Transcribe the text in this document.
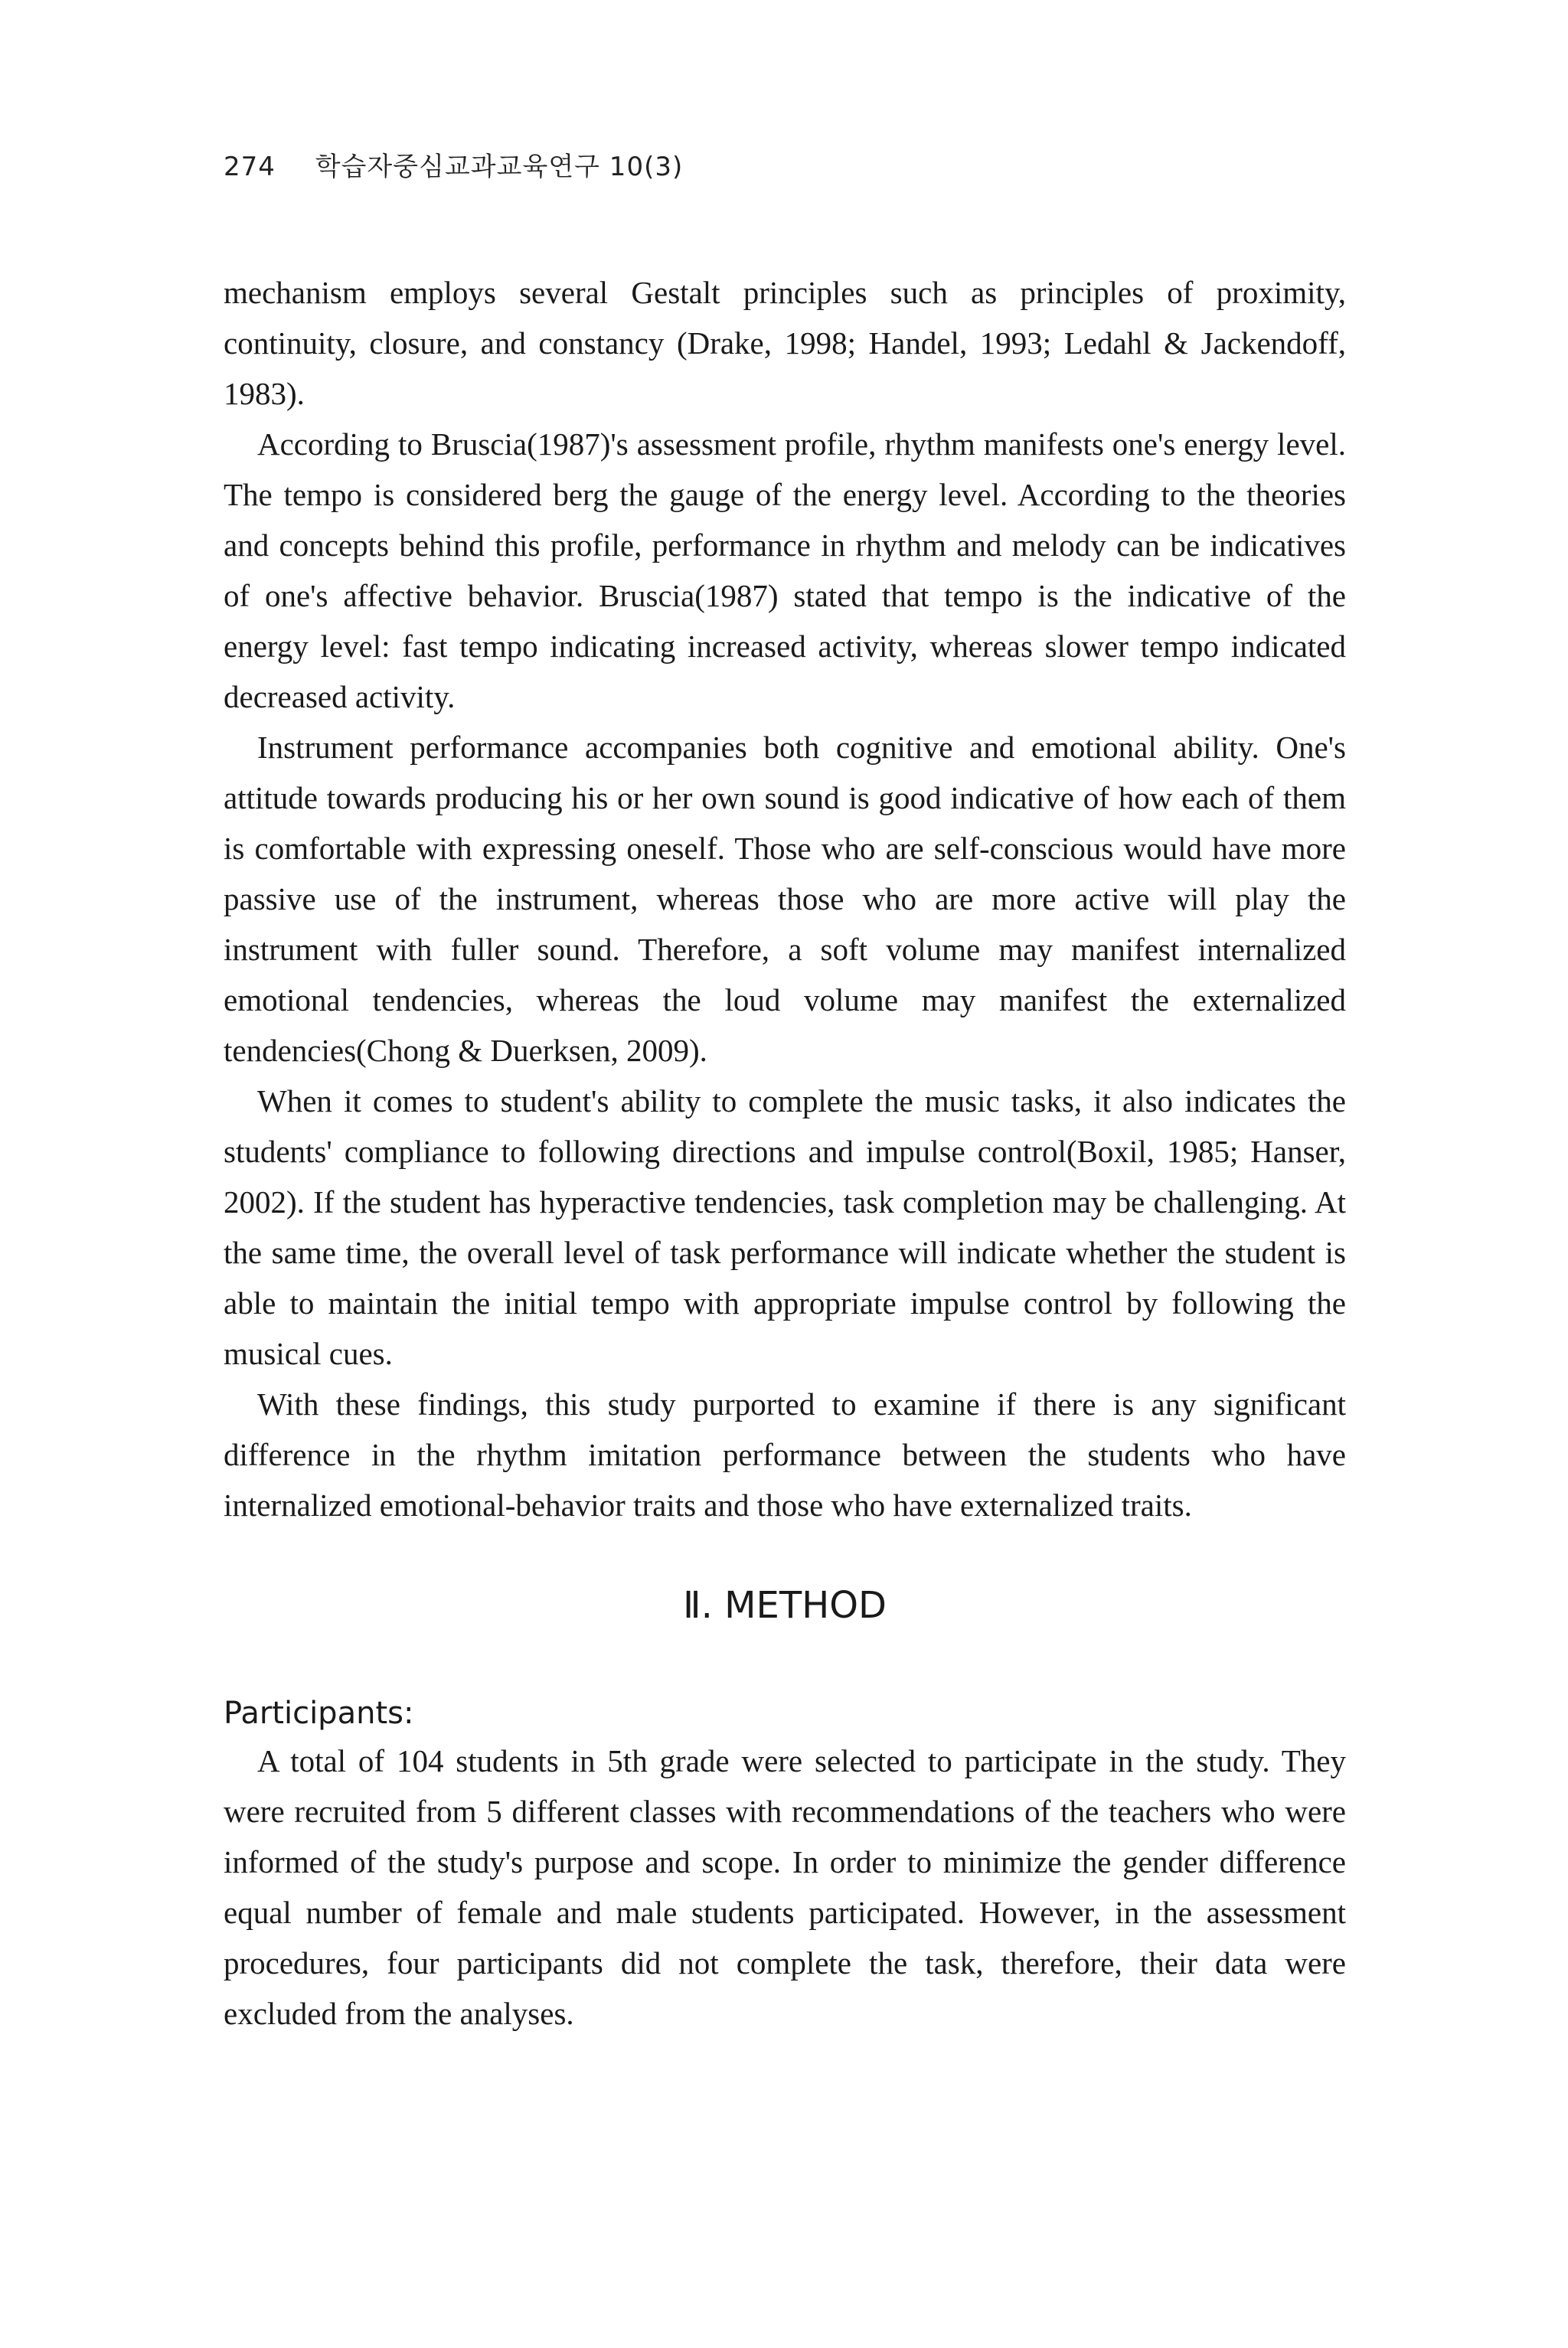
274 학습자중심교과교육연구 10(3)

mechanism employs several Gestalt principles such as principles of proximity, continuity, closure, and constancy (Drake, 1998; Handel, 1993; Ledahl & Jackendoff, 1983).

According to Bruscia(1987)'s assessment profile, rhythm manifests one's energy level. The tempo is considered berg the gauge of the energy level. According to the theories and concepts behind this profile, performance in rhythm and melody can be indicatives of one's affective behavior. Bruscia(1987) stated that tempo is the indicative of the energy level: fast tempo indicating increased activity, whereas slower tempo indicated decreased activity.

Instrument performance accompanies both cognitive and emotional ability. One's attitude towards producing his or her own sound is good indicative of how each of them is comfortable with expressing oneself. Those who are self-conscious would have more passive use of the instrument, whereas those who are more active will play the instrument with fuller sound. Therefore, a soft volume may manifest internalized emotional tendencies, whereas the loud volume may manifest the externalized tendencies(Chong & Duerksen, 2009).

When it comes to student's ability to complete the music tasks, it also indicates the students' compliance to following directions and impulse control(Boxil, 1985; Hanser, 2002). If the student has hyperactive tendencies, task completion may be challenging. At the same time, the overall level of task performance will indicate whether the student is able to maintain the initial tempo with appropriate impulse control by following the musical cues.

With these findings, this study purported to examine if there is any significant difference in the rhythm imitation performance between the students who have internalized emotional-behavior traits and those who have externalized traits.

Ⅱ. METHOD
Participants:

A total of 104 students in 5th grade were selected to participate in the study. They were recruited from 5 different classes with recommendations of the teachers who were informed of the study's purpose and scope. In order to minimize the gender difference equal number of female and male students participated. However, in the assessment procedures, four participants did not complete the task, therefore, their data were excluded from the analyses.
